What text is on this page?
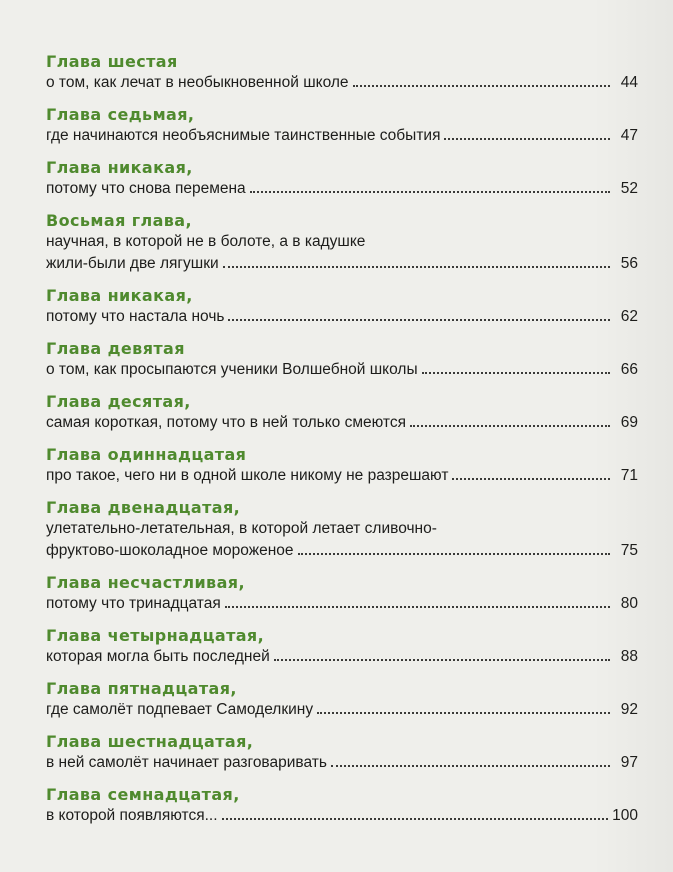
Глава шестая
о том, как лечат в необыкновенной школе	44
Глава седьмая,
где начинаются необъяснимые таинственные события	47
Глава никакая,
потому что снова перемена	52
Восьмая глава,
научная, в которой не в болоте, а в кадушке
жили-были две лягушки	56
Глава никакая,
потому что настала ночь	62
Глава девятая
о том, как просыпаются ученики Волшебной школы	66
Глава десятая,
самая короткая, потому что в ней только смеются	69
Глава одиннадцатая
про такое, чего ни в одной школе никому не разрешают	71
Глава двенадцатая,
улетательно-летательная, в которой летает сливочно-
фруктово-шоколадное мороженое	75
Глава несчастливая,
потому что тринадцатая	80
Глава четырнадцатая,
которая могла быть последней	88
Глава пятнадцатая,
где самолёт подпевает Самоделкину	92
Глава шестнадцатая,
в ней самолёт начинает разговаривать	97
Глава семнадцатая,
в которой появляются...	100
